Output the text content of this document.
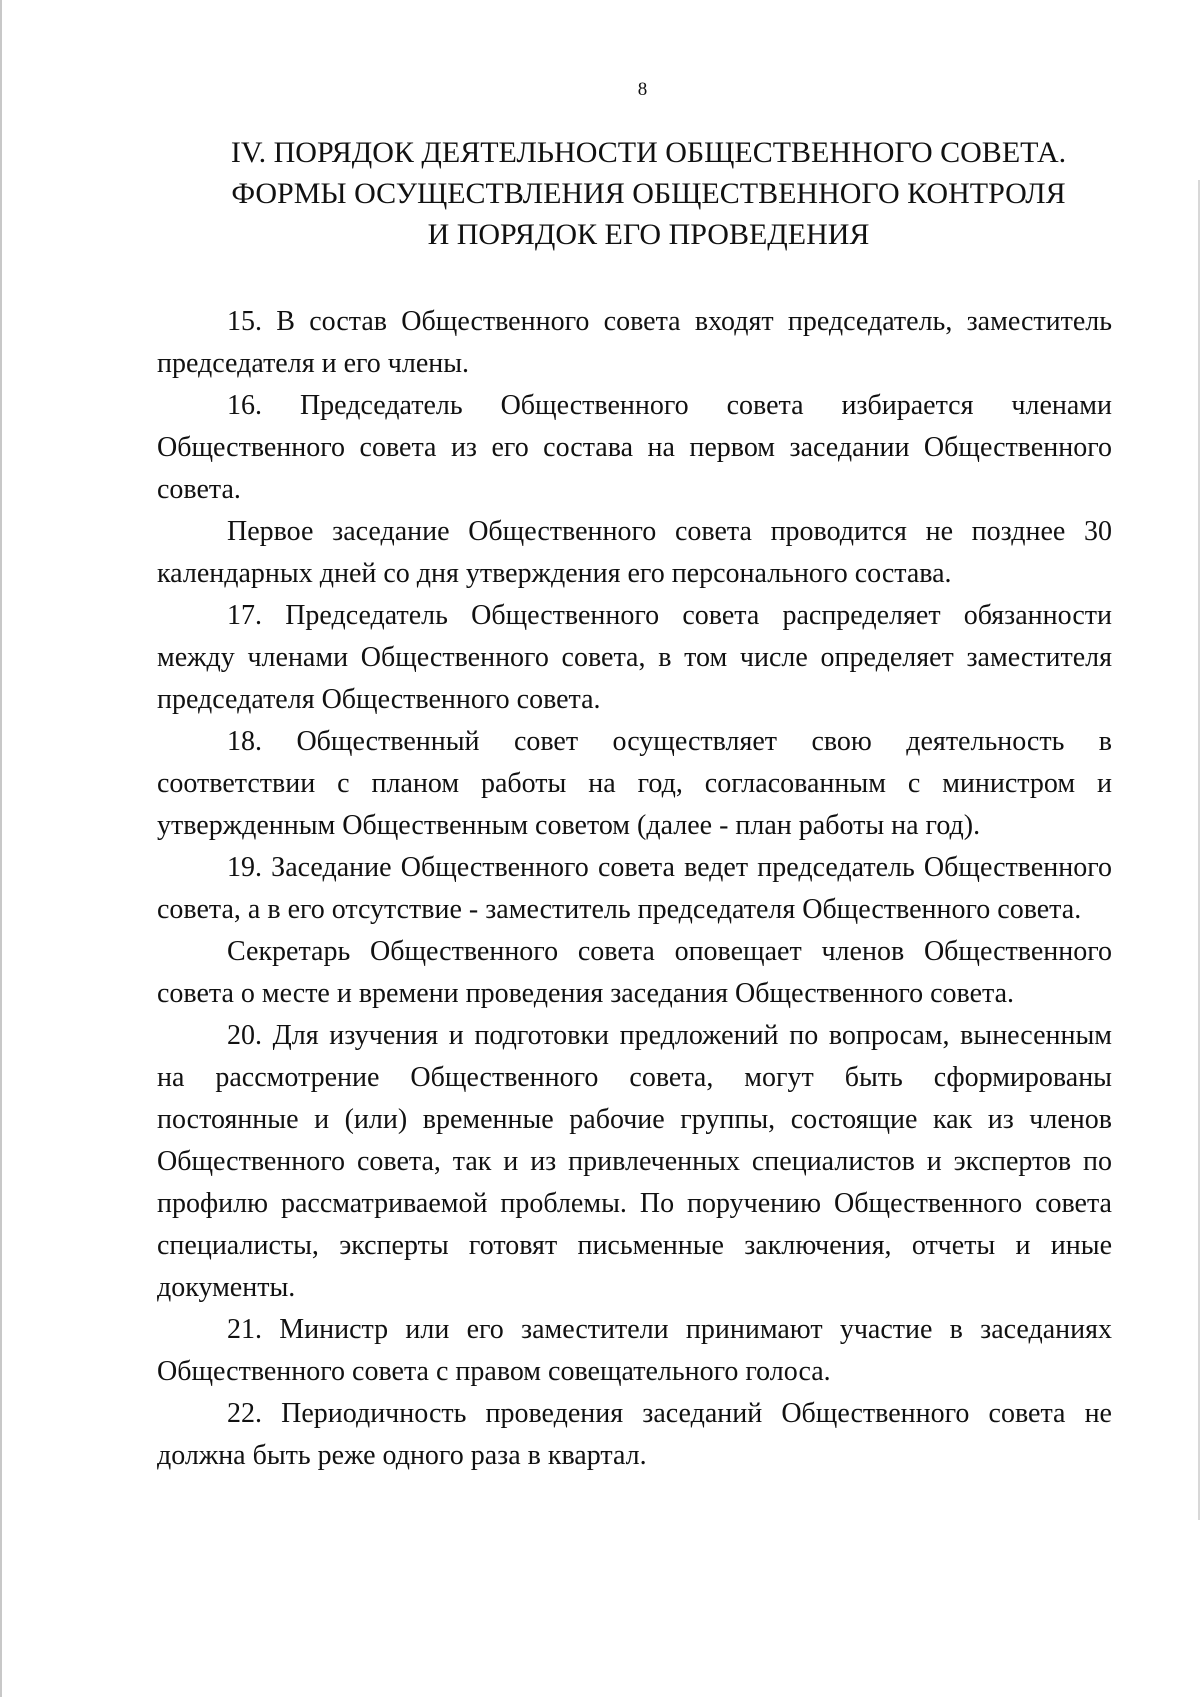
8
IV. ПОРЯДОК ДЕЯТЕЛЬНОСТИ ОБЩЕСТВЕННОГО СОВЕТА.
ФОРМЫ ОСУЩЕСТВЛЕНИЯ ОБЩЕСТВЕННОГО КОНТРОЛЯ
И ПОРЯДОК ЕГО ПРОВЕДЕНИЯ

15. В состав Общественного совета входят председатель, заместитель председателя и его члены.

16. Председатель Общественного совета избирается членами Общественного совета из его состава на первом заседании Общественного совета.

Первое заседание Общественного совета проводится не позднее 30 календарных дней со дня утверждения его персонального состава.

17. Председатель Общественного совета распределяет обязанности между членами Общественного совета, в том числе определяет заместителя председателя Общественного совета.

18. Общественный совет осуществляет свою деятельность в соответствии с планом работы на год, согласованным с министром и утвержденным Общественным советом (далее - план работы на год).

19. Заседание Общественного совета ведет председатель Общественного совета, а в его отсутствие - заместитель председателя Общественного совета.

Секретарь Общественного совета оповещает членов Общественного совета о месте и времени проведения заседания Общественного совета.

20. Для изучения и подготовки предложений по вопросам, вынесенным на рассмотрение Общественного совета, могут быть сформированы постоянные и (или) временные рабочие группы, состоящие как из членов Общественного совета, так и из привлеченных специалистов и экспертов по профилю рассматриваемой проблемы. По поручению Общественного совета специалисты, эксперты готовят письменные заключения, отчеты и иные документы.

21. Министр или его заместители принимают участие в заседаниях Общественного совета с правом совещательного голоса.

22. Периодичность проведения заседаний Общественного совета не должна быть реже одного раза в квартал.
